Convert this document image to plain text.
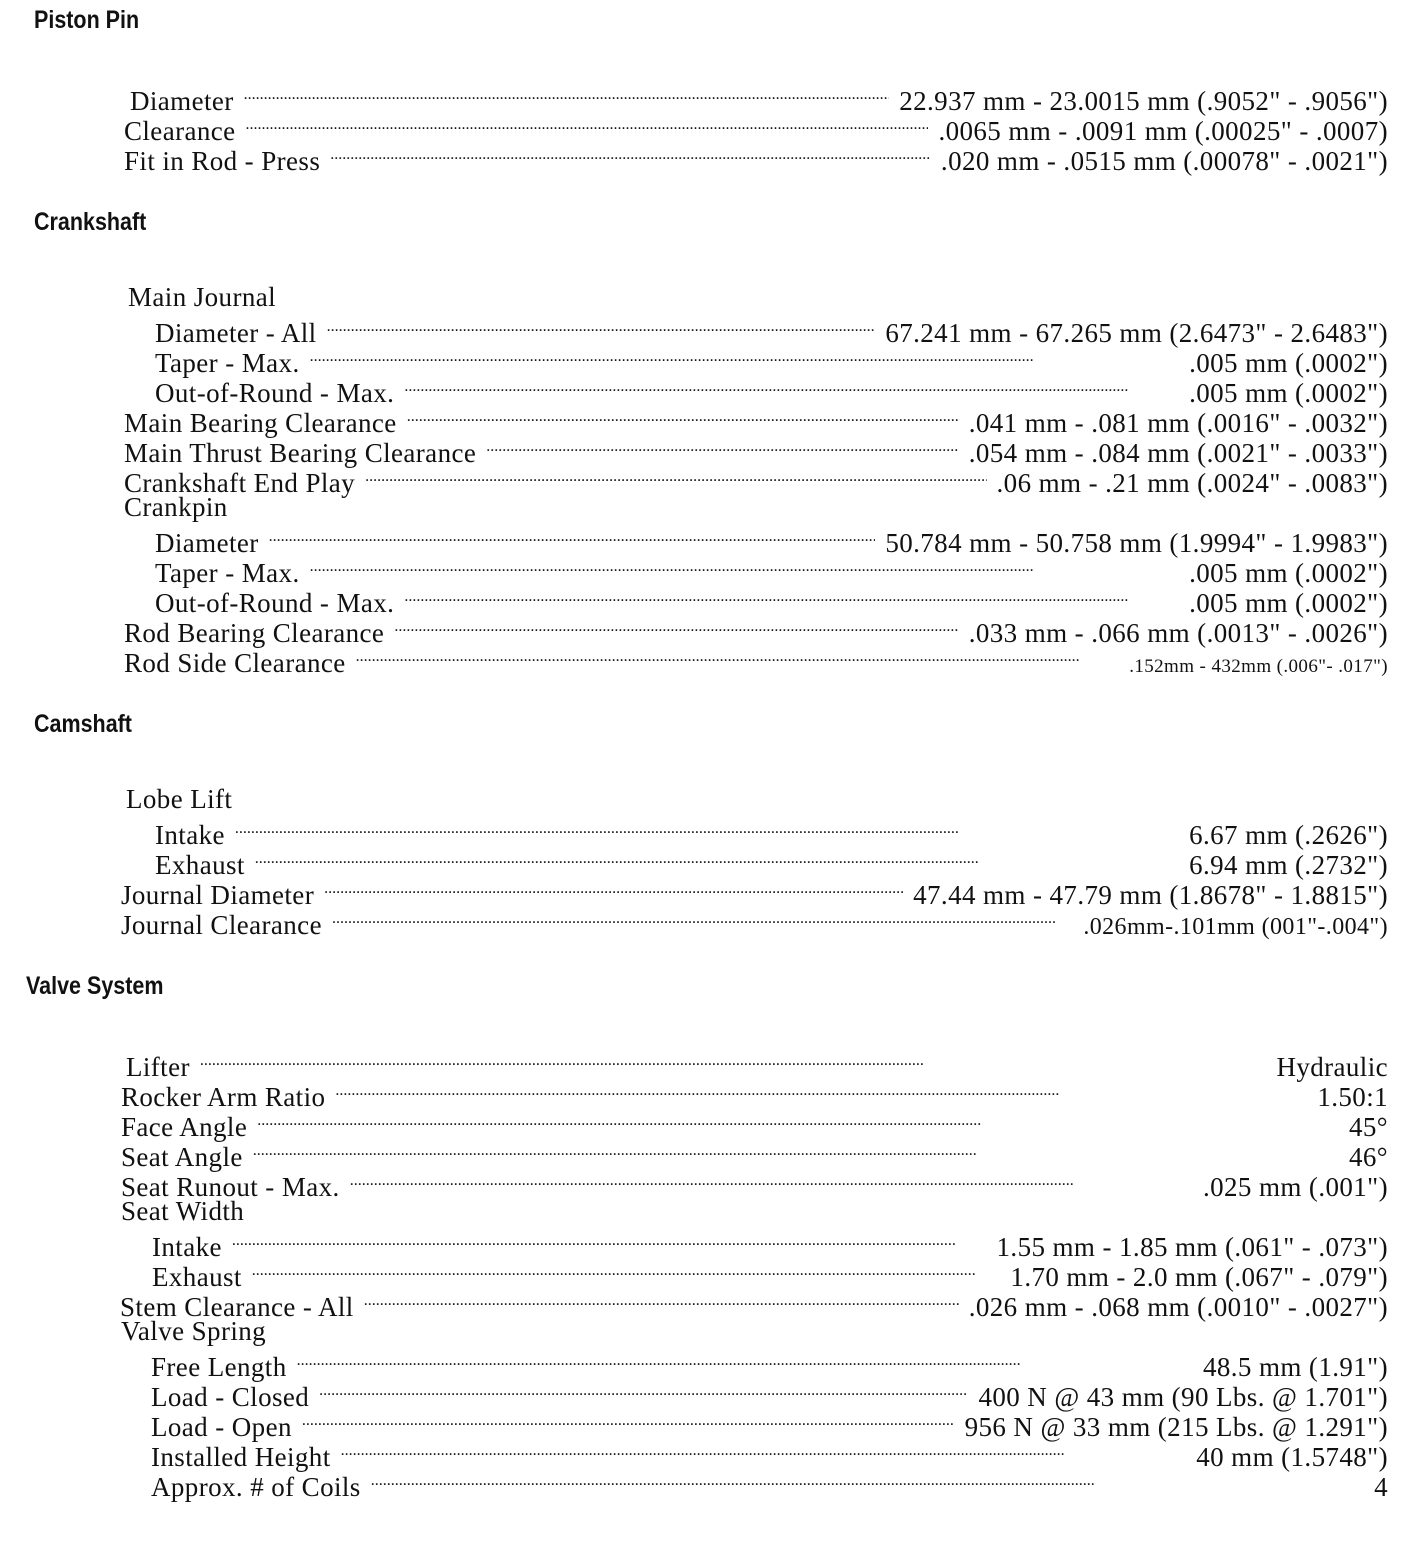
Piston Pin
Diameter . . .	22.937 mm - 23.0015 mm (.9052" - .9056")
Clearance . . .	.0065 mm - .0091 mm (.00025" - .0007)
Fit in Rod - Press . . .	.020 mm - .0515 mm (.00078" - .0021")
Crankshaft
Main Journal
Diameter - All . . .	67.241 mm - 67.265 mm (2.6473" - 2.6483")
Taper - Max. . . .	.005 mm (.0002")
Out-of-Round - Max. . . .	.005 mm (.0002")
Main Bearing Clearance . . .	.041 mm - .081 mm (.0016" - .0032")
Main Thrust Bearing Clearance . . .	.054 mm - .084 mm (.0021" - .0033")
Crankshaft End Play . . .	.06 mm - .21 mm (.0024" - .0083")
Crankpin
Diameter . . .	50.784 mm - 50.758 mm (1.9994" - 1.9983")
Taper - Max. . . .	.005 mm (.0002")
Out-of-Round - Max. . . .	.005 mm (.0002")
Rod Bearing Clearance . . .	.033 mm - .066 mm (.0013" - .0026")
Rod Side Clearance . . .	.152mm - 432mm (.006"- .017")
Camshaft
Lobe Lift
Intake . . .	6.67 mm (.2626")
Exhaust . . .	6.94 mm (.2732")
Journal Diameter . . .	47.44 mm - 47.79 mm (1.8678" - 1.8815")
Journal Clearance . . .	.026mm-.101mm (001"-.004")
Valve System
Lifter . . .	Hydraulic
Rocker Arm Ratio . . .	1.50:1
Face Angle . . .	45°
Seat Angle . . .	46°
Seat Runout - Max. . . .	.025 mm (.001")
Seat Width
Intake . . .	1.55 mm - 1.85 mm (.061" - .073")
Exhaust . . .	1.70 mm - 2.0 mm (.067" - .079")
Stem Clearance - All . . .	.026 mm - .068 mm (.0010" - .0027")
Valve Spring
Free Length . . .	48.5 mm (1.91")
Load - Closed . . .	400 N @ 43 mm (90 Lbs. @ 1.701")
Load - Open . . .	956 N @ 33 mm (215 Lbs. @ 1.291")
Installed Height . . .	40 mm (1.5748")
Approx. # of Coils . . .	4
